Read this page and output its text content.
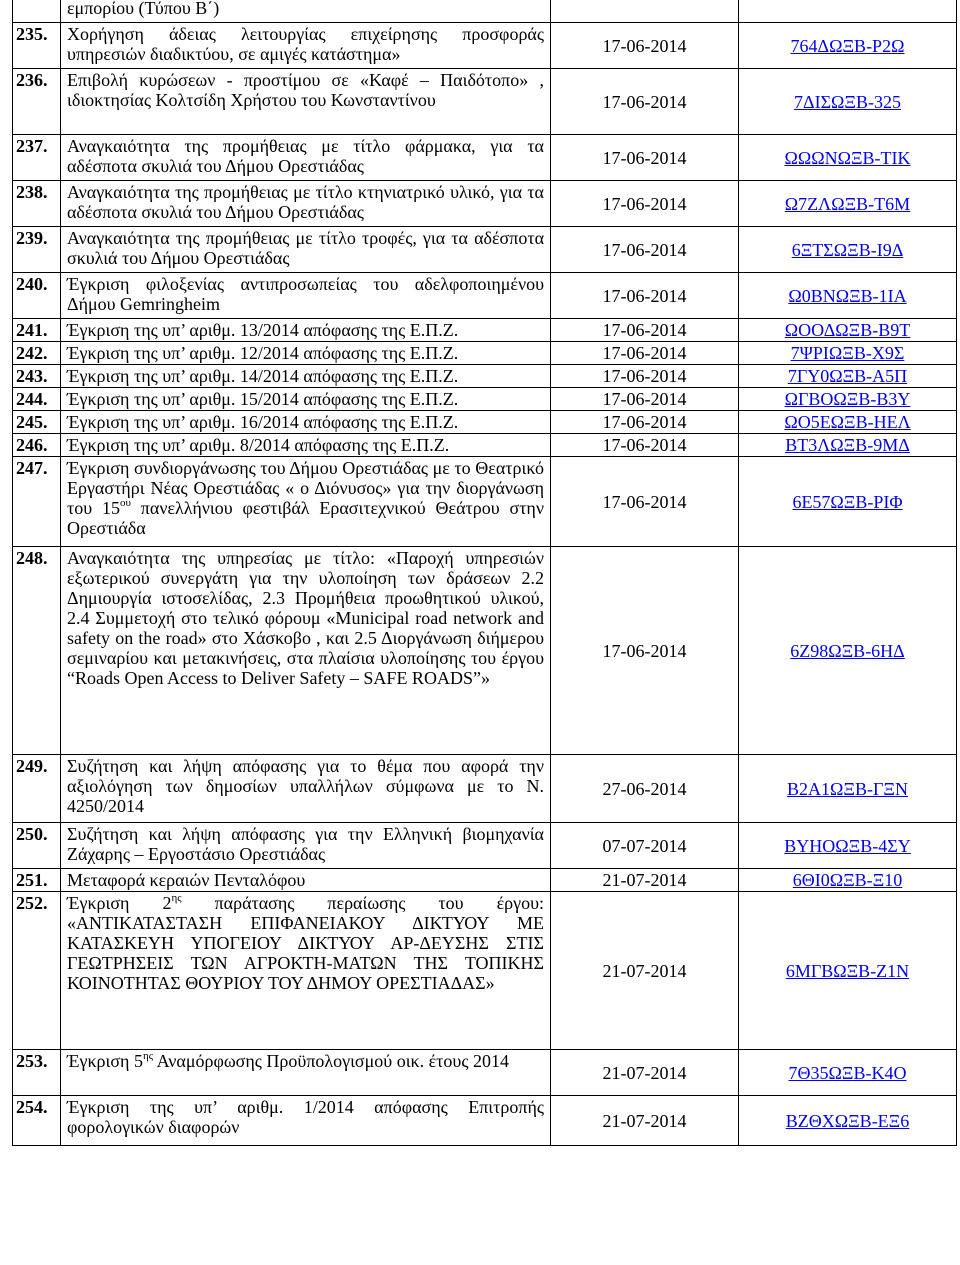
	εμπορίου (Τύπου Β΄)		
235.	Χορήγηση άδειας λειτουργίας επιχείρησης προσφοράς υπηρεσιών διαδικτύου, σε αμιγές κατάστημα»	17-06-2014	764ΔΩΞΒ-Ρ2Ω
236.	Επιβολή κυρώσεων - προστίμου σε «Καφέ – Παιδότοπο» , ιδιοκτησίας Κολτσίδη Χρήστου του Κωνσταντίνου	17-06-2014	7ΔΙΣΩΞΒ-325
237.	Αναγκαιότητα της προμήθειας με τίτλο φάρμακα, για τα αδέσποτα σκυλιά του Δήμου Ορεστιάδας	17-06-2014	ΩΩΩΝΩΞΒ-ΤΙΚ
238.	Αναγκαιότητα της προμήθειας με τίτλο κτηνιατρικό υλικό, για τα αδέσποτα σκυλιά του Δήμου Ορεστιάδας	17-06-2014	Ω7ΖΛΩΞΒ-Τ6Μ
239.	Αναγκαιότητα της προμήθειας με τίτλο τροφές, για τα αδέσποτα σκυλιά του Δήμου Ορεστιάδας	17-06-2014	6ΞΤΣΩΞΒ-Ι9Δ
240.	Έγκριση φιλοξενίας αντιπροσωπείας του αδελφοποιημένου Δήμου Gemringheim	17-06-2014	Ω0ΒΝΩΞΒ-1ΙΑ
241.	Έγκριση της υπ’ αριθμ. 13/2014 απόφασης της Ε.Π.Ζ.	17-06-2014	ΩΟΟΔΩΞΒ-Β9Τ
242.	Έγκριση της υπ’ αριθμ. 12/2014 απόφασης της Ε.Π.Ζ.	17-06-2014	7ΨΡΙΩΞΒ-Χ9Σ
243.	Έγκριση της υπ’ αριθμ. 14/2014 απόφασης της Ε.Π.Ζ.	17-06-2014	7ΓΥ0ΩΞΒ-Α5Π
244.	Έγκριση της υπ’ αριθμ. 15/2014 απόφασης της Ε.Π.Ζ.	17-06-2014	ΩΓΒΟΩΞΒ-Β3Υ
245.	Έγκριση της υπ’ αριθμ. 16/2014 απόφασης της Ε.Π.Ζ.	17-06-2014	ΩΟ5ΕΩΞΒ-ΗΕΛ
246.	Έγκριση της υπ’ αριθμ. 8/2014 απόφασης της Ε.Π.Ζ.	17-06-2014	ΒΤ3ΛΩΞΒ-9ΜΔ
247.	Έγκριση συνδιοργάνωσης του Δήμου Ορεστιάδας με το Θεατρικό Εργαστήρι Νέας Ορεστιάδας « ο Διόνυσος» για την διοργάνωση του $15^{o\upsilon}$ πανελλήνιου φεστιβάλ Ερασιτεχνικού Θεάτρου στην Ορεστιάδα	17-06-2014	6Ε57ΩΞΒ-ΡΙΦ
248.	Αναγκαιότητα της υπηρεσίας με τίτλο: «Παροχή υπηρεσιών εξωτερικού συνεργάτη για την υλοποίηση των δράσεων 2.2 Δημιουργία ιστοσελίδας, 2.3 Προμήθεια προωθητικού υλικού, 2.4 Συμμετοχή στο τελικό φόρουμ «Municipal road network and safety on the road» στο Χάσκοβο , και 2.5 Διοργάνωση διήμερου σεμιναρίου και μετακινήσεις, στα πλαίσια υλοποίησης του έργου “Roads Open Access to Deliver Safety – SAFE ROADS”»	17-06-2014	6Ζ98ΩΞΒ-6ΗΔ
249.	Συζήτηση και λήψη απόφασης για το θέμα που αφορά την αξιολόγηση των δημοσίων υπαλλήλων σύμφωνα με το Ν. 4250/2014	27-06-2014	Β2Α1ΩΞΒ-ΓΞΝ
250.	Συζήτηση και λήψη απόφασης για την Ελληνική βιομηχανία Ζάχαρης – Εργοστάσιο Ορεστιάδας	07-07-2014	ΒΥΗΟΩΞΒ-4ΣΥ
251.	Μεταφορά κεραιών Πενταλόφου	21-07-2014	6ΘΙ0ΩΞΒ-Ξ10
252.	Έγκριση $2^{\eta\varsigma}$ παράτασης περαίωσης του έργου: «ΑΝΤΙΚΑΤΑΣΤΑΣΗ ΕΠΙΦΑΝΕΙΑΚΟΥ ΔΙΚΤΥΟΥ ΜΕ ΚΑΤΑΣΚΕΥΗ ΥΠΟΓΕΙΟΥ ΔΙΚΤΥΟΥ ΑΡ-ΔΕΥΣΗΣ ΣΤΙΣ ΓΕΩΤΡΗΣΕΙΣ ΤΩΝ ΑΓΡΟΚΤΗ-ΜΑΤΩΝ ΤΗΣ ΤΟΠΙΚΗΣ ΚΟΙΝΟΤΗΤΑΣ ΘΟΥΡΙΟΥ ΤΟΥ ΔΗΜΟΥ ΟΡΕΣΤΙΑΔΑΣ»	21-07-2014	6ΜΓΒΩΞΒ-Ζ1Ν
253.	Έγκριση $5^{\eta\varsigma}$ Αναμόρφωσης Προϋπολογισμού οικ. έτους 2014	21-07-2014	7Θ35ΩΞΒ-Κ4Ο
254.	Έγκριση της υπ’ αριθμ. 1/2014 απόφασης Επιτροπής φορολογικών διαφορών	21-07-2014	ΒΖΘΧΩΞΒ-ΕΞ6
